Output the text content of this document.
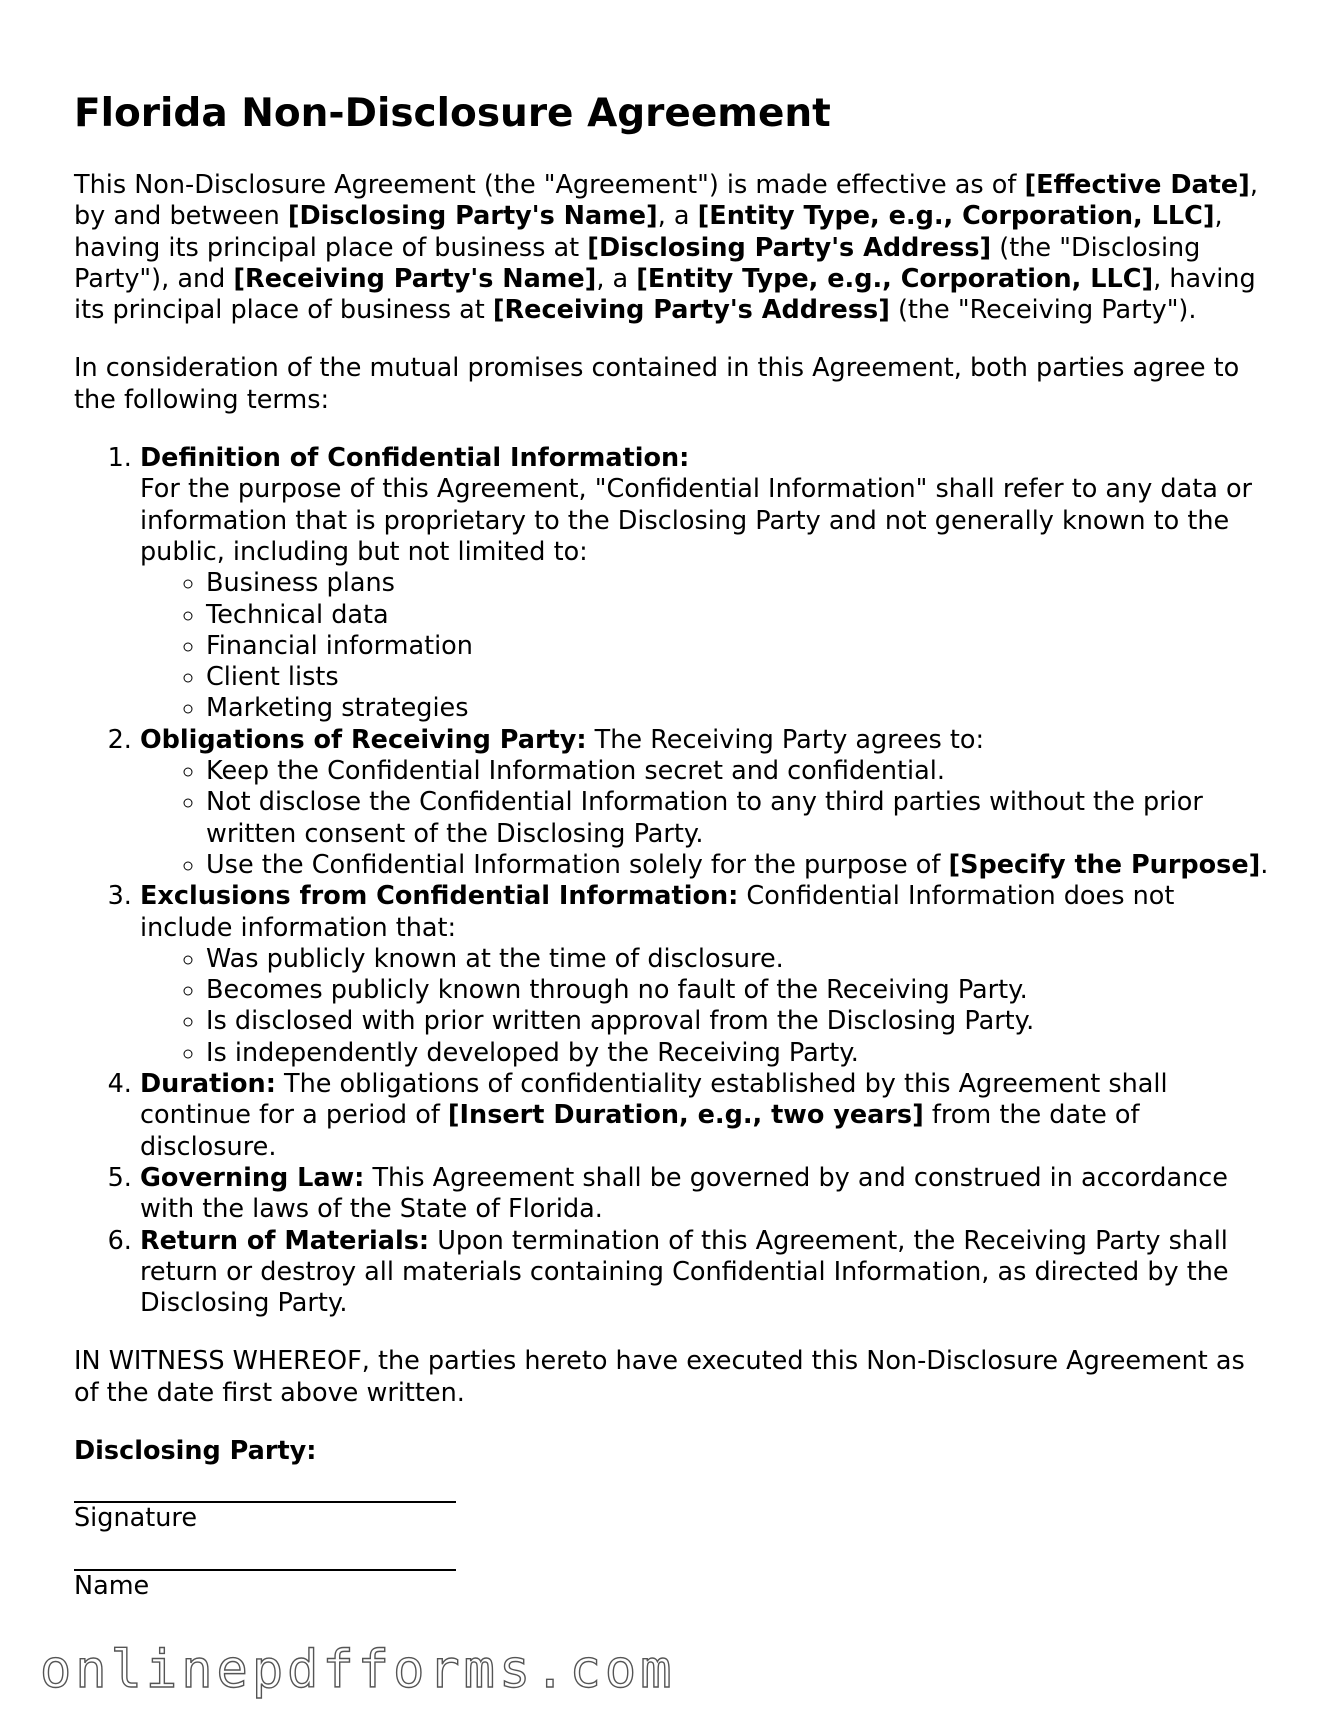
Florida Non-Disclosure Agreement

This Non-Disclosure Agreement (the "Agreement") is made effective as of [Effective Date], by and between [Disclosing Party's Name], a [Entity Type, e.g., Corporation, LLC], having its principal place of business at [Disclosing Party's Address] (the "Disclosing Party"), and [Receiving Party's Name], a [Entity Type, e.g., Corporation, LLC], having its principal place of business at [Receiving Party's Address] (the "Receiving Party").

In consideration of the mutual promises contained in this Agreement, both parties agree to the following terms:

1. Definition of Confidential Information:
For the purpose of this Agreement, "Confidential Information" shall refer to any data or information that is proprietary to the Disclosing Party and not generally known to the public, including but not limited to:
◦ Business plans
◦ Technical data
◦ Financial information
◦ Client lists
◦ Marketing strategies
2. Obligations of Receiving Party: The Receiving Party agrees to:
◦ Keep the Confidential Information secret and confidential.
◦ Not disclose the Confidential Information to any third parties without the prior written consent of the Disclosing Party.
◦ Use the Confidential Information solely for the purpose of [Specify the Purpose].
3. Exclusions from Confidential Information: Confidential Information does not include information that:
◦ Was publicly known at the time of disclosure.
◦ Becomes publicly known through no fault of the Receiving Party.
◦ Is disclosed with prior written approval from the Disclosing Party.
◦ Is independently developed by the Receiving Party.
4. Duration: The obligations of confidentiality established by this Agreement shall continue for a period of [Insert Duration, e.g., two years] from the date of disclosure.
5. Governing Law: This Agreement shall be governed by and construed in accordance with the laws of the State of Florida.
6. Return of Materials: Upon termination of this Agreement, the Receiving Party shall return or destroy all materials containing Confidential Information, as directed by the Disclosing Party.

IN WITNESS WHEREOF, the parties hereto have executed this Non-Disclosure Agreement as of the date first above written.

Disclosing Party:

Signature
Name
onlinepdfforms.com
